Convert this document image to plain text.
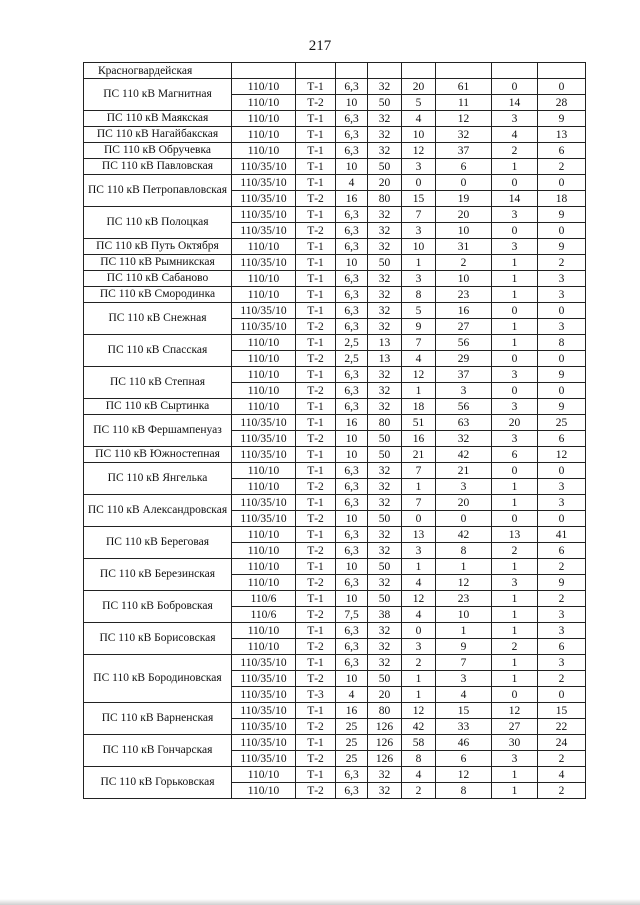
217
Красногвардейская								
ПС 110 кВ Магнитная	110/10	Т-1	6,3	32	20	61	0	0
	110/10	Т-2	10	50	5	11	14	28
ПС 110 кВ Маякская	110/10	Т-1	6,3	32	4	12	3	9
ПС 110 кВ Нагайбакская	110/10	Т-1	6,3	32	10	32	4	13
ПС 110 кВ Обручевка	110/10	Т-1	6,3	32	12	37	2	6
ПС 110 кВ Павловская	110/35/10	Т-1	10	50	3	6	1	2
ПС 110 кВ Петропавловская	110/35/10	Т-1	4	20	0	0	0	0
	110/35/10	Т-2	16	80	15	19	14	18
ПС 110 кВ Полоцкая	110/35/10	Т-1	6,3	32	7	20	3	9
	110/35/10	Т-2	6,3	32	3	10	0	0
ПС 110 кВ Путь Октября	110/10	Т-1	6,3	32	10	31	3	9
ПС 110 кВ Рымникская	110/35/10	Т-1	10	50	1	2	1	2
ПС 110 кВ Сабаново	110/10	Т-1	6,3	32	3	10	1	3
ПС 110 кВ Смородинка	110/10	Т-1	6,3	32	8	23	1	3
ПС 110 кВ Снежная	110/35/10	Т-1	6,3	32	5	16	0	0
	110/35/10	Т-2	6,3	32	9	27	1	3
ПС 110 кВ Спасская	110/10	Т-1	2,5	13	7	56	1	8
	110/10	Т-2	2,5	13	4	29	0	0
ПС 110 кВ Степная	110/10	Т-1	6,3	32	12	37	3	9
	110/10	Т-2	6,3	32	1	3	0	0
ПС 110 кВ Сыртинка	110/10	Т-1	6,3	32	18	56	3	9
ПС 110 кВ Фершампенуаз	110/35/10	Т-1	16	80	51	63	20	25
	110/35/10	Т-2	10	50	16	32	3	6
ПС 110 кВ Южностепная	110/35/10	Т-1	10	50	21	42	6	12
ПС 110 кВ Янгелька	110/10	Т-1	6,3	32	7	21	0	0
	110/10	Т-2	6,3	32	1	3	1	3
ПС 110 кВ Александровская	110/35/10	Т-1	6,3	32	7	20	1	3
	110/35/10	Т-2	10	50	0	0	0	0
ПС 110 кВ Береговая	110/10	Т-1	6,3	32	13	42	13	41
	110/10	Т-2	6,3	32	3	8	2	6
ПС 110 кВ Березинская	110/10	Т-1	10	50	1	1	1	2
	110/10	Т-2	6,3	32	4	12	3	9
ПС 110 кВ Бобровская	110/6	Т-1	10	50	12	23	1	2
	110/6	Т-2	7,5	38	4	10	1	3
ПС 110 кВ Борисовская	110/10	Т-1	6,3	32	0	1	1	3
	110/10	Т-2	6,3	32	3	9	2	6
ПС 110 кВ Бородиновская	110/35/10	Т-1	6,3	32	2	7	1	3
	110/35/10	Т-2	10	50	1	3	1	2
	110/35/10	Т-3	4	20	1	4	0	0
ПС 110 кВ Варненская	110/35/10	Т-1	16	80	12	15	12	15
	110/35/10	Т-2	25	126	42	33	27	22
ПС 110 кВ Гончарская	110/35/10	Т-1	25	126	58	46	30	24
	110/35/10	Т-2	25	126	8	6	3	2
ПС 110 кВ Горьковская	110/10	Т-1	6,3	32	4	12	1	4
	110/10	Т-2	6,3	32	2	8	1	2
